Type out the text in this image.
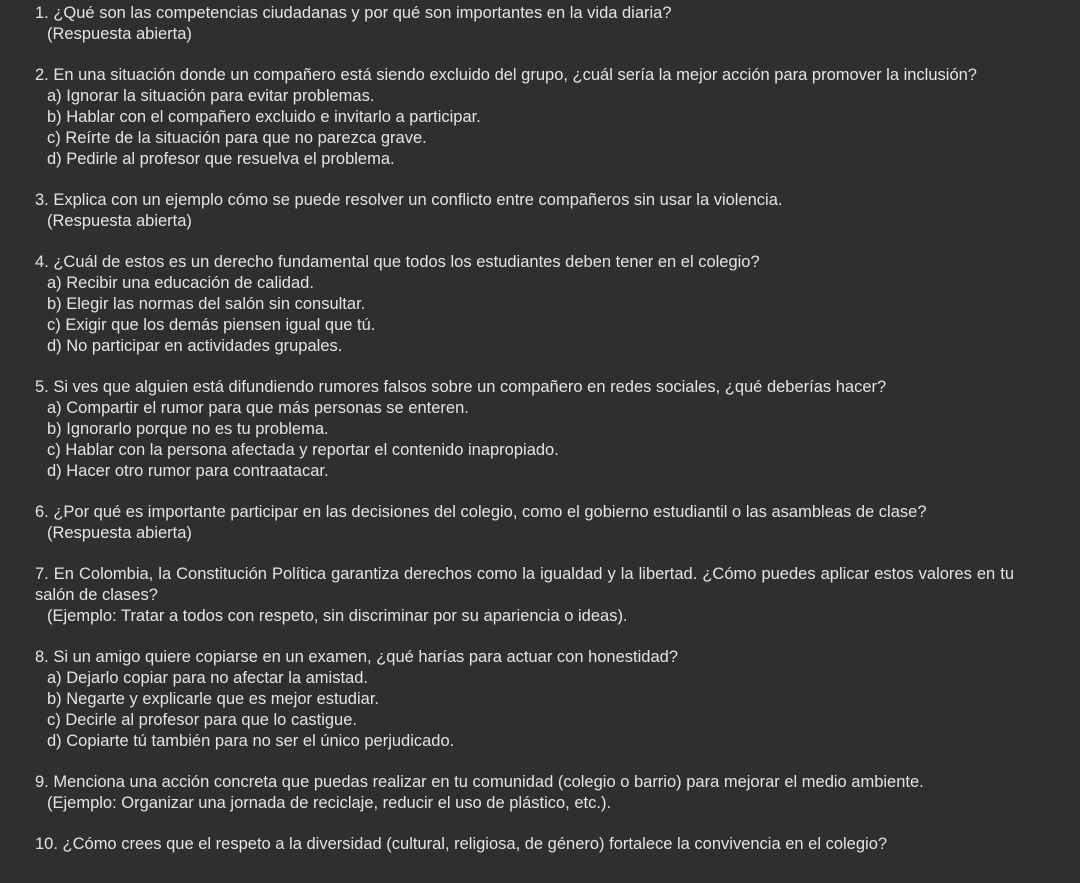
1. ¿Qué son las competencias ciudadanas y por qué son importantes en la vida diaria?
(Respuesta abierta)
2. En una situación donde un compañero está siendo excluido del grupo, ¿cuál sería la mejor acción para promover la inclusión?
a) Ignorar la situación para evitar problemas.
b) Hablar con el compañero excluido e invitarlo a participar.
c) Reírte de la situación para que no parezca grave.
d) Pedirle al profesor que resuelva el problema.
3. Explica con un ejemplo cómo se puede resolver un conflicto entre compañeros sin usar la violencia.
(Respuesta abierta)
4. ¿Cuál de estos es un derecho fundamental que todos los estudiantes deben tener en el colegio?
a) Recibir una educación de calidad.
b) Elegir las normas del salón sin consultar.
c) Exigir que los demás piensen igual que tú.
d) No participar en actividades grupales.
5. Si ves que alguien está difundiendo rumores falsos sobre un compañero en redes sociales, ¿qué deberías hacer?
a) Compartir el rumor para que más personas se enteren.
b) Ignorarlo porque no es tu problema.
c) Hablar con la persona afectada y reportar el contenido inapropiado.
d) Hacer otro rumor para contraatacar.
6. ¿Por qué es importante participar en las decisiones del colegio, como el gobierno estudiantil o las asambleas de clase?
(Respuesta abierta)
7. En Colombia, la Constitución Política garantiza derechos como la igualdad y la libertad. ¿Cómo puedes aplicar estos valores en tu salón de clases?
(Ejemplo: Tratar a todos con respeto, sin discriminar por su apariencia o ideas).
8. Si un amigo quiere copiarse en un examen, ¿qué harías para actuar con honestidad?
a) Dejarlo copiar para no afectar la amistad.
b) Negarte y explicarle que es mejor estudiar.
c) Decirle al profesor para que lo castigue.
d) Copiarte tú también para no ser el único perjudicado.
9. Menciona una acción concreta que puedas realizar en tu comunidad (colegio o barrio) para mejorar el medio ambiente.
(Ejemplo: Organizar una jornada de reciclaje, reducir el uso de plástico, etc.).
10. ¿Cómo crees que el respeto a la diversidad (cultural, religiosa, de género) fortalece la convivencia en el colegio?
